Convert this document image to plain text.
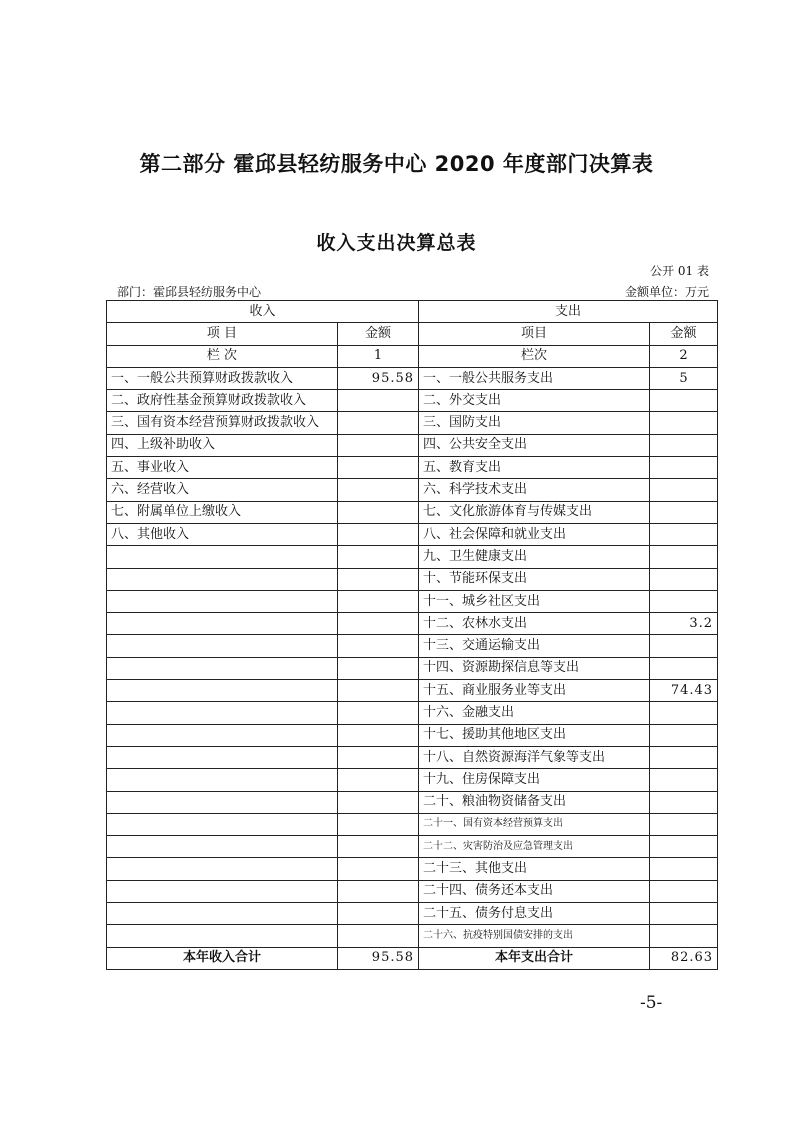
第二部分 霍邱县轻纺服务中心 2020 年度部门决算表
收入支出决算总表
公开 01 表
部门：霍邱县轻纺服务中心	金额单位：万元
收入		支出	
项 目	金额	项目	金额
栏 次	1	栏次	2
一、一般公共预算财政拨款收入	95.58	一、一般公共服务支出	5
二、政府性基金预算财政拨款收入		二、外交支出	
三、国有资本经营预算财政拨款收入		三、国防支出	
四、上级补助收入		四、公共安全支出	
五、事业收入		五、教育支出	
六、经营收入		六、科学技术支出	
七、附属单位上缴收入		七、文化旅游体育与传媒支出	
八、其他收入		八、社会保障和就业支出	
		九、卫生健康支出	
		十、节能环保支出	
		十一、城乡社区支出	
		十二、农林水支出	3.2
		十三、交通运输支出	
		十四、资源勘探信息等支出	
		十五、商业服务业等支出	74.43
		十六、金融支出	
		十七、援助其他地区支出	
		十八、自然资源海洋气象等支出	
		十九、住房保障支出	
		二十、粮油物资储备支出	
		二十一、国有资本经营预算支出	
		二十二、灾害防治及应急管理支出	
		二十三、其他支出	
		二十四、债务还本支出	
		二十五、债务付息支出	
		二十六、抗疫特别国债安排的支出	
本年收入合计	95.58	本年支出合计	82.63
-5-
